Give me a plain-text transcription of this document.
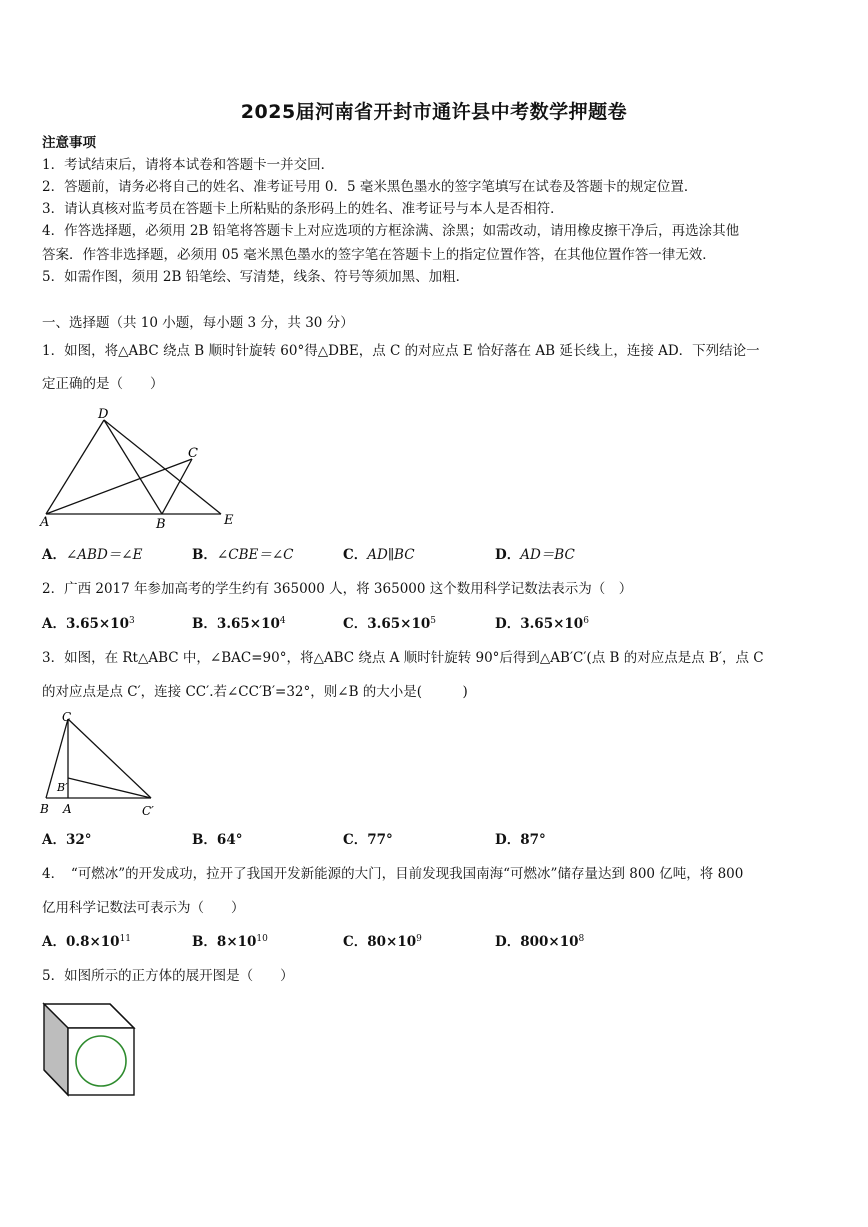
2025届河南省开封市通许县中考数学押题卷
注意事项
1．考试结束后，请将本试卷和答题卡一并交回．
2．答题前，请务必将自己的姓名、准考证号用 0．5 毫米黑色墨水的签字笔填写在试卷及答题卡的规定位置．
3．请认真核对监考员在答题卡上所粘贴的条形码上的姓名、准考证号与本人是否相符．
4．作答选择题，必须用 2B 铅笔将答题卡上对应选项的方框涂满、涂黑；如需改动，请用橡皮擦干净后，再选涂其他
答案．作答非选择题，必须用 05 毫米黑色墨水的签字笔在答题卡上的指定位置作答，在其他位置作答一律无效．
5．如需作图，须用 2B 铅笔绘、写清楚，线条、符号等须加黑、加粗．
一、选择题（共 10 小题，每小题 3 分，共 30 分）
1．如图，将△ABC 绕点 B 顺时针旋转 60°得△DBE，点 C 的对应点 E 恰好落在 AB 延长线上，连接 AD．下列结论一
定正确的是（　　）
D
C
A	B	E
A．∠ABD＝∠E	B．∠CBE＝∠C	C．AD∥BC	D．AD＝BC
2．广西 2017 年参加高考的学生约有 365000 人，将 365000 这个数用科学记数法表示为（　）
A．$3.65\times 10^3$	B．$3.65\times 10^4$	C．$3.65\times 10^5$	D．$3.65\times 10^6$
3．如图，在 Rt△ABC 中，∠BAC=90°，将△ABC 绕点 A 顺时针旋转 90°后得到△AB′C′(点 B 的对应点是点 B′，点 C
的对应点是点 C′，连接 CC′.若∠CC′B′=32°，则∠B 的大小是(　　　)
C
B′
B A	C′
A．32°	B．64°	C．77°	D．87°
4．　“可燃冰”的开发成功，拉开了我国开发新能源的大门，目前发现我国南海“可燃冰”储存量达到 800 亿吨，将 800
亿用科学记数法可表示为（　　）
A．$0.8\times 10^{11}$	B．$8\times 10^{10}$	C．$80\times 10^9$	D．$800\times 10^8$
5．如图所示的正方体的展开图是（　　）
